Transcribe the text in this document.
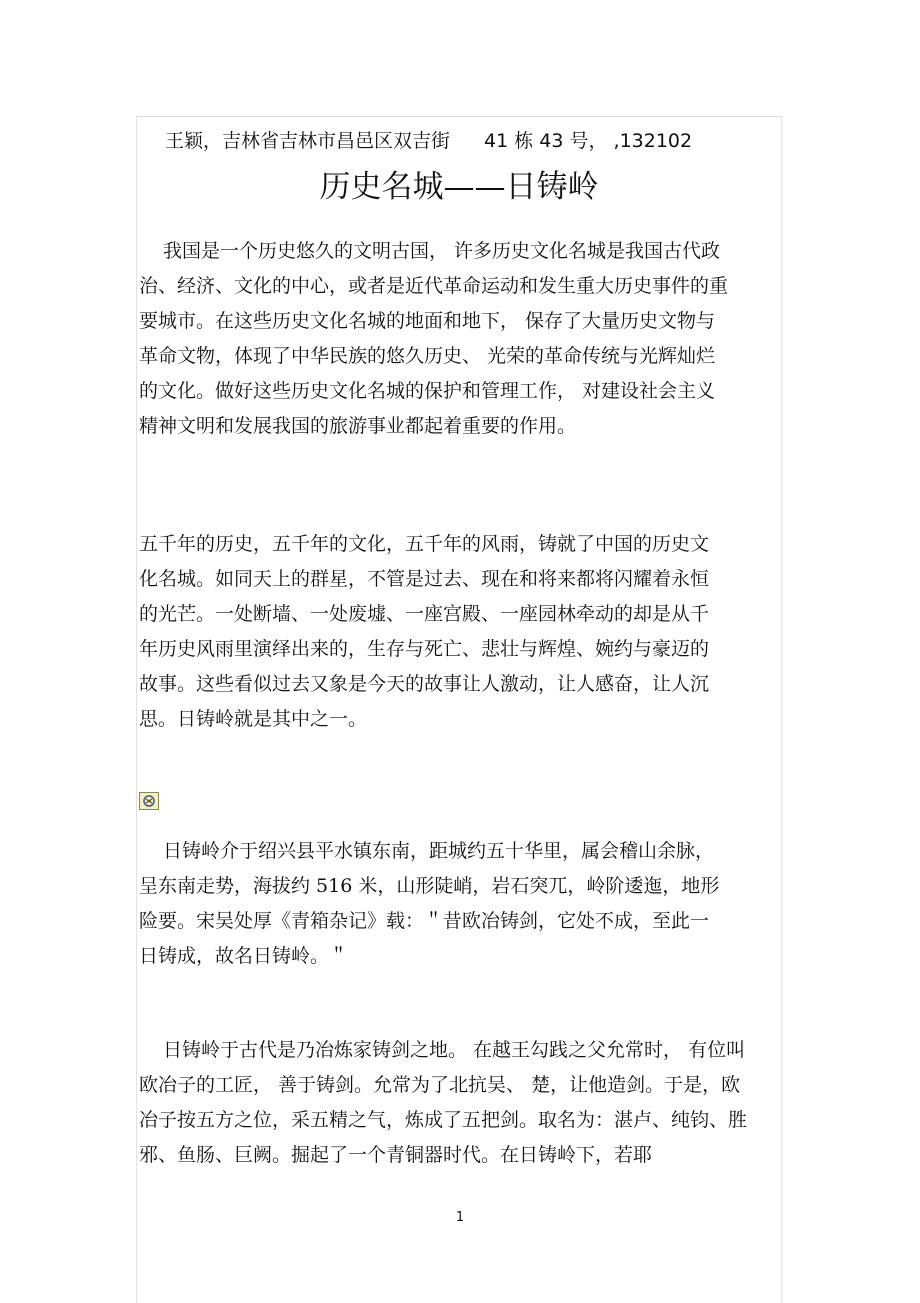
王颖，吉林省吉林市昌邑区双吉街 41 栋 43 号， ,132102
历史名城——日铸岭
我国是一个历史悠久的文明古国， 许多历史文化名城是我国古代政
治、经济、文化的中心，或者是近代革命运动和发生重大历史事件的重
要城市。在这些历史文化名城的地面和地下， 保存了大量历史文物与
革命文物，体现了中华民族的悠久历史、 光荣的革命传统与光辉灿烂
的文化。做好这些历史文化名城的保护和管理工作， 对建设社会主义
精神文明和发展我国的旅游事业都起着重要的作用。
五千年的历史，五千年的文化，五千年的风雨，铸就了中国的历史文
化名城。如同天上的群星，不管是过去、现在和将来都将闪耀着永恒
的光芒。一处断墙、一处废墟、一座宫殿、一座园林牵动的却是从千
年历史风雨里演绎出来的，生存与死亡、悲壮与辉煌、婉约与豪迈的
故事。这些看似过去又象是今天的故事让人激动，让人感奋，让人沉
思。日铸岭就是其中之一。
日铸岭介于绍兴县平水镇东南，距城约五十华里，属会稽山余脉，
呈东南走势，海拔约 516 米，山形陡峭，岩石突兀，岭阶逶迤，地形
险要。宋吴处厚《青箱杂记》载：＂昔欧冶铸剑，它处不成，至此一
日铸成，故名日铸岭。＂
日铸岭于古代是乃冶炼家铸剑之地。 在越王勾践之父允常时， 有位叫
欧冶子的工匠， 善于铸剑。允常为了北抗吴、 楚，让他造剑。于是，欧
冶子按五方之位，采五精之气，炼成了五把剑。取名为：湛卢、纯钧、胜
邪、鱼肠、巨阙。掘起了一个青铜器时代。在日铸岭下，若耶
1
